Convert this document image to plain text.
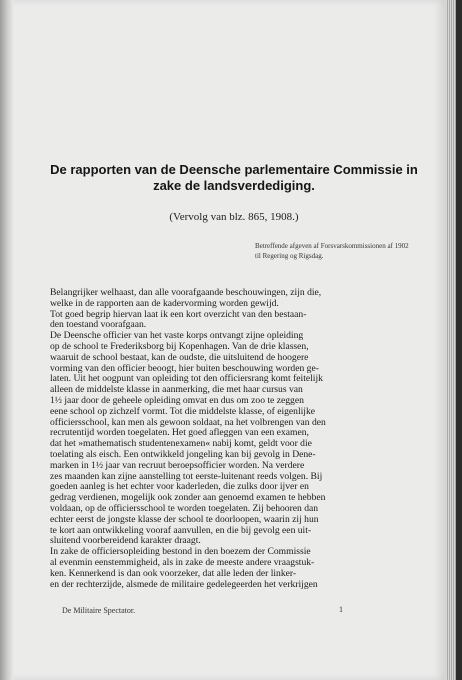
De rapporten van de Deensche parlementaire Commissie in
zake de landsverdediging.

(Vervolg van blz. 865, 1908.)

Betreffende afgeven af Forsvarskommissionen af 1902
til Regering og Rigsdag.

Belangrijker welhaast, dan alle voorafgaande beschouwingen, zijn die,
welke in de rapporten aan de kadervorming worden gewijd.
Tot goed begrip hiervan laat ik een kort overzicht van den bestaan-
den toestand voorafgaan.
De Deensche officier van het vaste korps ontvangt zijne opleiding
op de school te Frederiksborg bij Kopenhagen. Van de drie klassen,
waaruit de school bestaat, kan de oudste, die uitsluitend de hoogere
vorming van den officier beoogt, hier buiten beschouwing worden ge-
laten. Uit het oogpunt van opleiding tot den officiersrang komt feitelijk
alleen de middelste klasse in aanmerking, die met haar cursus van
1½ jaar door de geheele opleiding omvat en dus om zoo te zeggen
eene school op zichzelf vormt. Tot die middelste klasse, of eigenlijke
officiersschool, kan men als gewoon soldaat, na het volbrengen van den
recrutentijd worden toegelaten. Het goed afleggen van een examen,
dat het »mathematisch studentenexamen« nabij komt, geldt voor die
toelating als eisch. Een ontwikkeld jongeling kan bij gevolg in Dene-
marken in 1½ jaar van recruut beroepsofficier worden. Na verdere
zes maanden kan zijne aanstelling tot eerste-luitenant reeds volgen. Bij
goeden aanleg is het echter voor kaderleden, die zulks door ijver en
gedrag verdienen, mogelijk ook zonder aan genoemd examen te hebben
voldaan, op de officiersschool te worden toegelaten. Zij behooren dan
echter eerst de jongste klasse der school te doorloopen, waarin zij hun
te kort aan ontwikkeling vooraf aanvullen, en die bij gevolg een uit-
sluitend voorbereidend karakter draagt.
In zake de officiersopleiding bestond in den boezem der Commissie
al evenmin eenstemmigheid, als in zake de meeste andere vraagstuk-
ken. Kennerkend is dan ook voorzeker, dat alle leden der linker-
en der rechterzijde, alsmede de militaire gedelegeerden het verkrijgen
De Militaire Spectator.	1
